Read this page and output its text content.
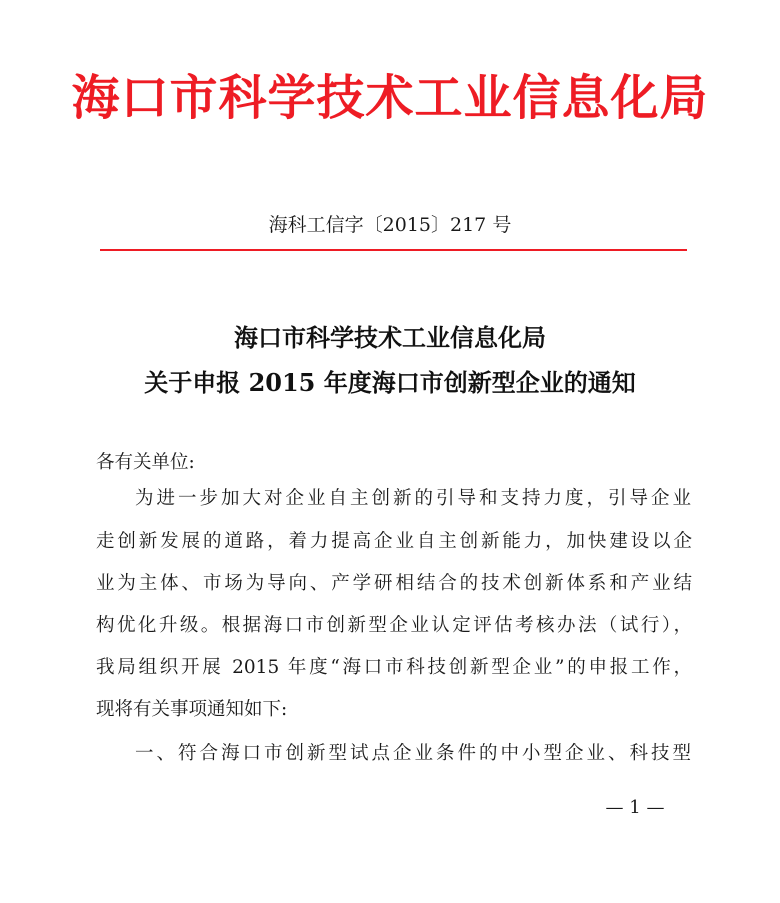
海口市科学技术工业信息化局
海科工信字〔2015〕217 号
海口市科学技术工业信息化局
关于申报 2015 年度海口市创新型企业的通知
各有关单位:
为进一步加大对企业自主创新的引导和支持力度，引导企业
走创新发展的道路，着力提高企业自主创新能力，加快建设以企
业为主体、市场为导向、产学研相结合的技术创新体系和产业结
构优化升级。根据海口市创新型企业认定评估考核办法（试行），
我局组织开展 2015 年度“海口市科技创新型企业”的申报工作，
现将有关事项通知如下:
一、符合海口市创新型试点企业条件的中小型企业、科技型
— 1 —
